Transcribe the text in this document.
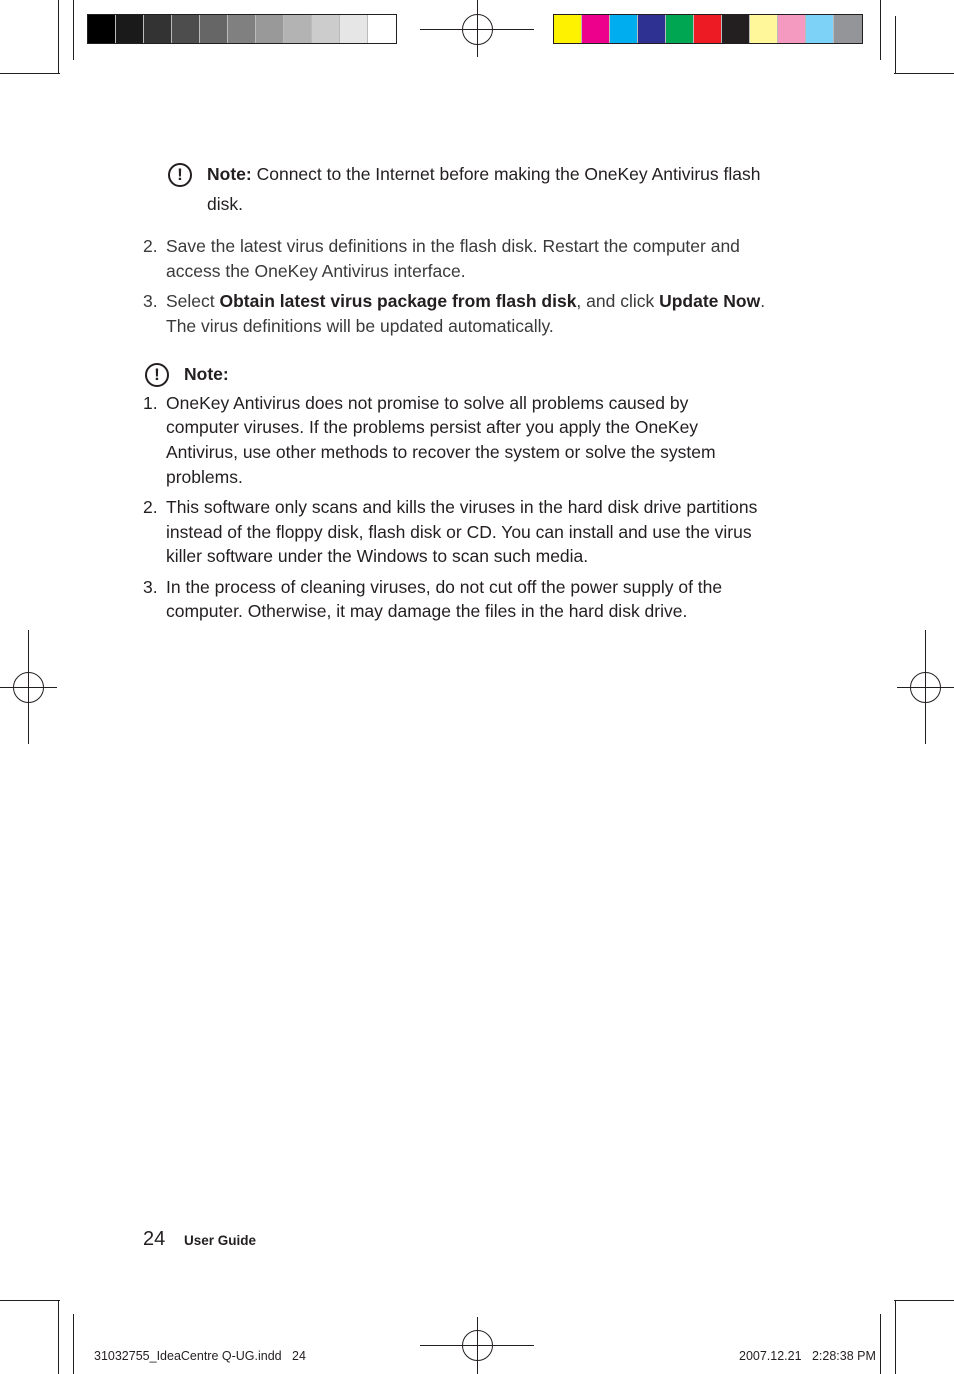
!	Note: Connect to the Internet before making the OneKey Antivirus flash
disk.
2. Save the latest virus definitions in the flash disk. Restart the computer and
access the OneKey Antivirus interface.
3. Select Obtain latest virus package from flash disk, and click Update Now.
The virus definitions will be updated automatically.
!	Note:
1. OneKey Antivirus does not promise to solve all problems caused by
computer viruses. If the problems persist after you apply the OneKey
Antivirus, use other methods to recover the system or solve the system
problems.
2. This software only scans and kills the viruses in the hard disk drive partitions
instead of the floppy disk, flash disk or CD. You can install and use the virus
killer software under the Windows to scan such media.
3. In the process of cleaning viruses, do not cut off the power supply of the
computer. Otherwise, it may damage the files in the hard disk drive.
24 User Guide
31032755_IdeaCentre Q-UG.indd   24	2007.12.21   2:28:38 PM
